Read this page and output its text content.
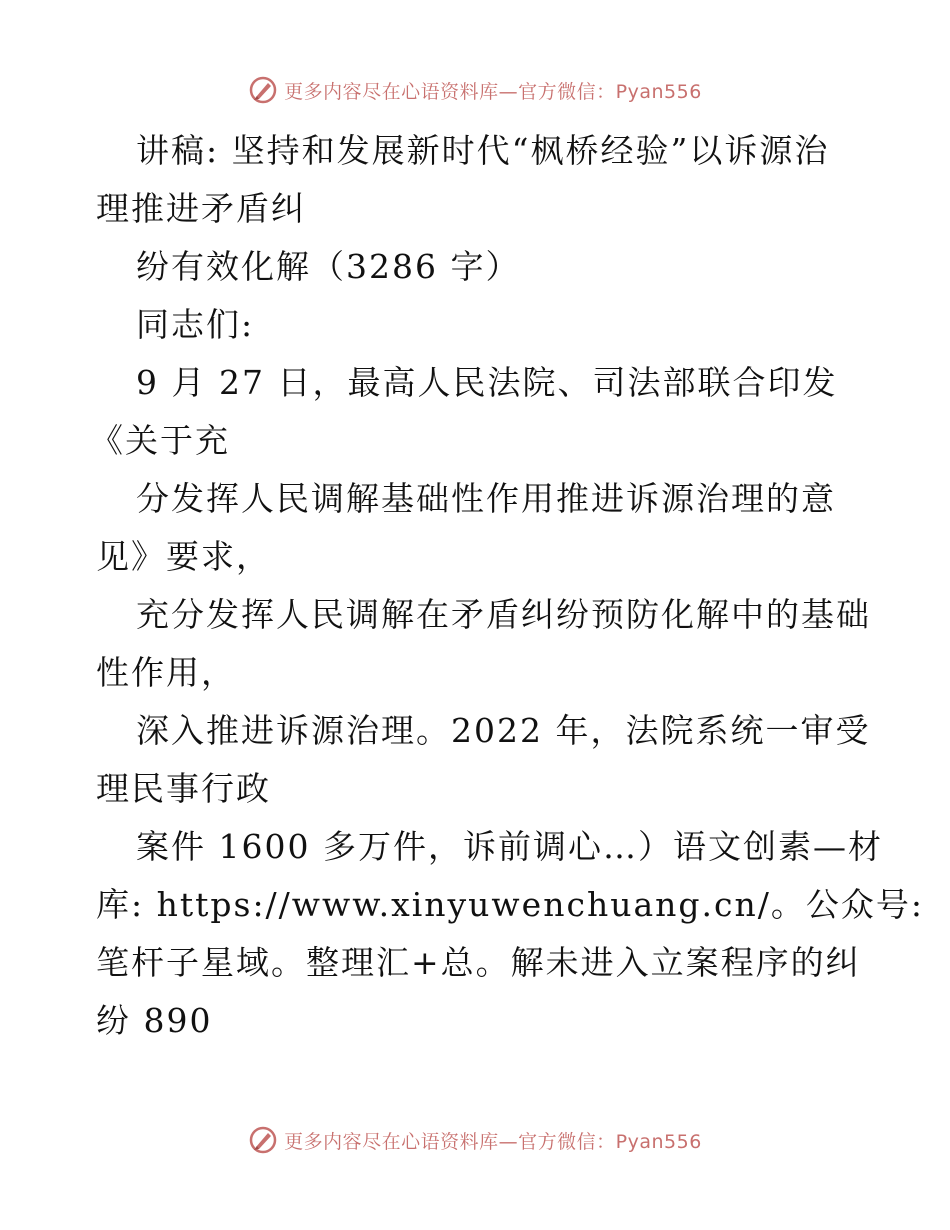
更多内容尽在心语资料库—官方微信：Pyan556
讲稿: 坚持和发展新时代“枫桥经验”以诉源治
理推进矛盾纠
纷有效化解（3286 字）
同志们:
9 月 27 日，最高人民法院、司法部联合印发
《关于充
分发挥人民调解基础性作用推进诉源治理的意
见》要求，
充分发挥人民调解在矛盾纠纷预防化解中的基础
性作用，
深入推进诉源治理。2022 年，法院系统一审受
理民事行政
案件 1600 多万件，诉前调心…）语文创素—材
库: https://www.xinyuwenchuang.cn/。公众号:
笔杆子星域。整理汇+总。解未进入立案程序的纠
纷 890
更多内容尽在心语资料库—官方微信：Pyan556
